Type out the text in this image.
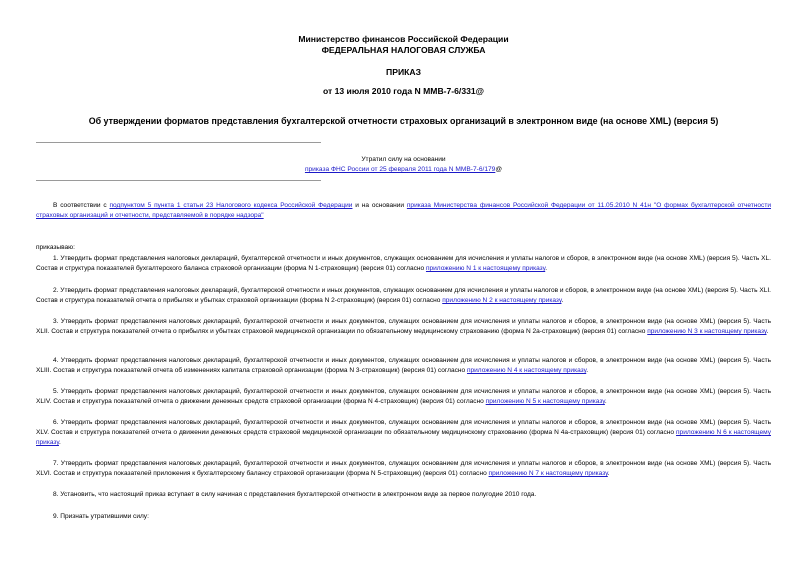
Министерство финансов Российской Федерации
ФЕДЕРАЛЬНАЯ НАЛОГОВАЯ СЛУЖБА
ПРИКАЗ
от 13 июля 2010 года N ММВ-7-6/331@
Об утверждении форматов представления бухгалтерской отчетности страховых организаций в электронном виде (на основе XML) (версия 5)
Утратил силу на основании
приказа ФНС России от 25 февраля 2011 года N ММВ-7-6/179@
В соответствии с подпунктом 5 пункта 1 статьи 23 Налогового кодекса Российской Федерации и на основании приказа Министерства финансов Российской Федерации от 11.05.2010 N 41н "О формах бухгалтерской отчетности страховых организаций и отчетности, представляемой в порядке надзора"
приказываю:
1. Утвердить формат представления налоговых деклараций, бухгалтерской отчетности и иных документов, служащих основанием для исчисления и уплаты налогов и сборов, в электронном виде (на основе XML) (версия 5). Часть XL. Состав и структура показателей бухгалтерского баланса страховой организации (форма N 1-страховщик) (версия 01) согласно приложению N 1 к настоящему приказу.
2. Утвердить формат представления налоговых деклараций, бухгалтерской отчетности и иных документов, служащих основанием для исчисления и уплаты налогов и сборов, в электронном виде (на основе XML) (версия 5). Часть XLI. Состав и структура показателей отчета о прибылях и убытках страховой организации (форма N 2-страховщик) (версия 01) согласно приложению N 2 к настоящему приказу.
3. Утвердить формат представления налоговых деклараций, бухгалтерской отчетности и иных документов, служащих основанием для исчисления и уплаты налогов и сборов, в электронном виде (на основе XML) (версия 5). Часть XLII. Состав и структура показателей отчета о прибылях и убытках страховой медицинской организации по обязательному медицинскому страхованию (форма N 2а-страховщик) (версия 01) согласно приложению N 3 к настоящему приказу.
4. Утвердить формат представления налоговых деклараций, бухгалтерской отчетности и иных документов, служащих основанием для исчисления и уплаты налогов и сборов, в электронном виде (на основе XML) (версия 5). Часть XLIII. Состав и структура показателей отчета об изменениях капитала страховой организации (форма N 3-страховщик) (версия 01) согласно приложению N 4 к настоящему приказу.
5. Утвердить формат представления налоговых деклараций, бухгалтерской отчетности и иных документов, служащих основанием для исчисления и уплаты налогов и сборов, в электронном виде (на основе XML) (версия 5). Часть XLIV. Состав и структура показателей отчета о движении денежных средств страховой организации (форма N 4-страховщик) (версия 01) согласно приложению N 5 к настоящему приказу.
6. Утвердить формат представления налоговых деклараций, бухгалтерской отчетности и иных документов, служащих основанием для исчисления и уплаты налогов и сборов, в электронном виде (на основе XML) (версия 5). Часть XLV. Состав и структура показателей отчета о движении денежных средств страховой медицинской организации по обязательному медицинскому страхованию (форма N 4а-страховщик) (версия 01) согласно приложению N 6 к настоящему приказу.
7. Утвердить формат представления налоговых деклараций, бухгалтерской отчетности и иных документов, служащих основанием для исчисления и уплаты налогов и сборов, в электронном виде (на основе XML) (версия 5). Часть XLVI. Состав и структура показателей приложения к бухгалтерскому балансу страховой организации (форма N 5-страховщик) (версия 01) согласно приложению N 7 к настоящему приказу.
8. Установить, что настоящий приказ вступает в силу начиная с представления бухгалтерской отчетности в электронном виде за первое полугодие 2010 года.
9. Признать утратившими силу:
